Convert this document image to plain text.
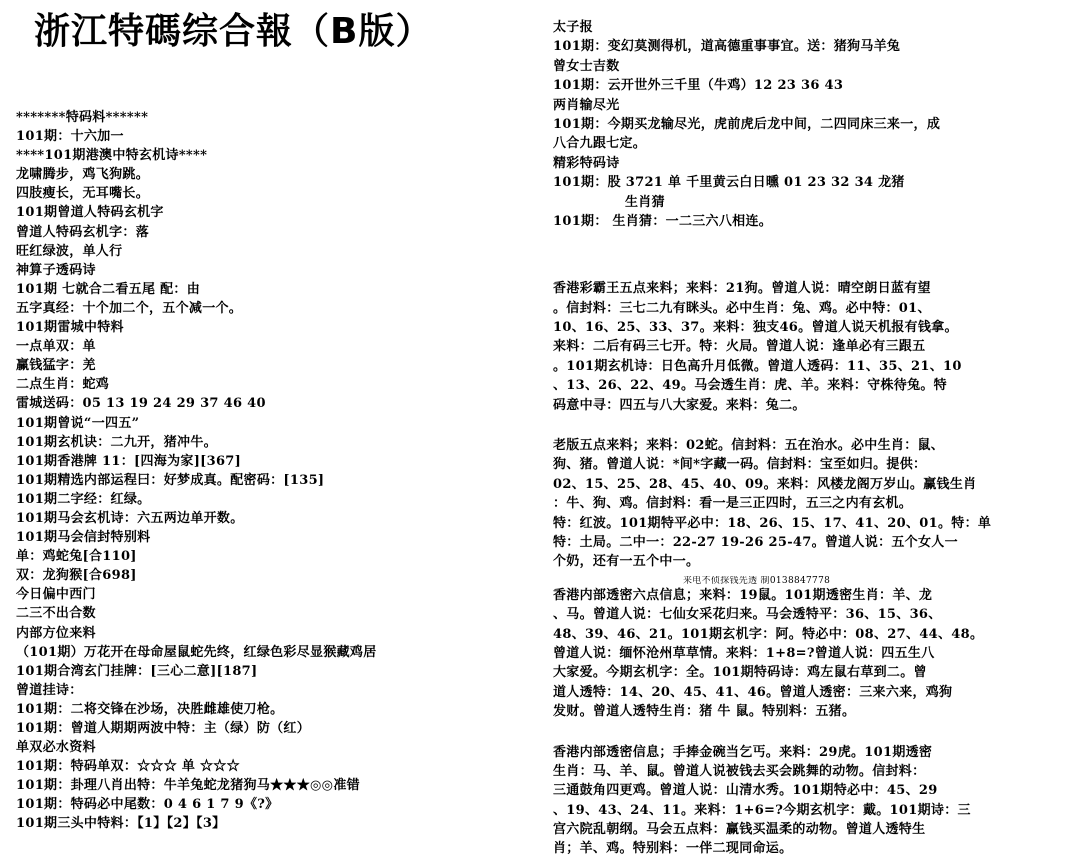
浙江特碼综合報（B版）
*******特码料******
101期：十六加一
****101期港澳中特玄机诗****
龙啸腾步，鸡飞狗跳。
四肢瘦长，无耳嘴长。
101期曾道人特码玄机字
曾道人特码玄机字：落
旺红绿波，单人行
神算子透码诗
101期 七就合二看五尾 配：由
五字真经：十个加二个，五个减一个。
101期雷城中特料
一点单双：单
赢钱猛字：羌
二点生肖：蛇鸡
雷城送码：05 13 19 24 29 37 46 40
101期曾说“一四五”
101期玄机诀：二九开，猪冲牛。
101期香港牌 11：[四海为家][367]
101期精选内部运程曰：好梦成真。配密码：[135]
101期二字经：红绿。
101期马会玄机诗：六五两边单开数。
101期马会信封特别料
单：鸡蛇兔[合110]
双：龙狗猴[合698]
今日偏中西门
二三不出合数
内部方位来料
（101期）万花开在母命屋鼠蛇先终，红绿色彩尽显猴藏鸡居
101期合湾玄门挂牌：[三心二意][187]
曾道挂诗：
101期：二将交锋在沙场，决胜雌雄使刀枪。
101期：曾道人期期两波中特：主（绿）防（红）
单双必水资料
101期：特码单双：☆☆☆ 单 ☆☆☆
101期：卦理八肖出特：牛羊兔蛇龙猪狗马★★★◎◎准错
101期：特码必中尾数：0 4 6 1 7 9《?》
101期三头中特料：【1】【2】【3】
太子报
101期：变幻莫测得机，道高德重事事宜。送：猪狗马羊兔
曾女士吉数
101期：云开世外三千里（牛鸡）12 23 36 43
两肖输尽光
101期：今期买龙输尽光，虎前虎后龙中间，二四同床三来一，成
八合九跟七定。
精彩特码诗
101期：股 3721 单 千里黄云白日曛 01 23 32 34 龙猪
生肖猜
101期： 生肖猜：一二三六八相连。
香港彩霸王五点来料；来料：21狗。曾道人说：晴空朗日蓝有望
。信封料：三七二九有眯头。必中生肖：兔、鸡。必中特：01、
10、16、25、33、37。来料：独支46。曾道人说天机报有钱拿。
来料：二后有码三七开。特：火局。曾道人说：逢单必有三跟五
。101期玄机诗：日色高升月低微。曾道人透码：11、35、21、10
、13、26、22、49。马会透生肖：虎、羊。来料：守株待兔。特
码意中寻：四五与八大家爱。来料：兔二。
老版五点来料；来料：02蛇。信封料：五在治水。必中生肖：鼠、
狗、猪。曾道人说：*间*字藏一码。信封料：宝至如归。提供：
02、15、25、28、45、40、09。来料：风楼龙阁万岁山。赢钱生肖
：牛、狗、鸡。信封料：看一是三正四时，五三之内有玄机。
特：红波。101期特平必中：18、26、15、17、41、20、01。特：单
特：土局。二中一：22-27 19-26 25-47。曾道人说：五个女人一
个奶，还有一五个中一。
来电不侦探钱先透 制0138847778
香港内部透密六点信息；来料：19鼠。101期透密生肖：羊、龙
、马。曾道人说：七仙女采花归来。马会透特平：36、15、36、
48、39、46、21。101期玄机字：阿。特必中：08、27、44、48。
曾道人说：缅怀沧州草草情。来料：1+8=?曾道人说：四五生八
大家爱。今期玄机字：全。101期特码诗：鸡左鼠右草到二。曾
道人透特：14、20、45、41、46。曾道人透密：三来六来，鸡狗
发财。曾道人透特生肖：猪 牛 鼠。特别料：五猪。
香港内部透密信息；手捧金碗当乞丐。来料：29虎。101期透密
生肖：马、羊、鼠。曾道人说被钱去买会跳舞的动物。信封料：
三通鼓角四更鸡。曾道人说：山清水秀。101期特必中：45、29
、19、43、24、11。来料：1+6=?今期玄机字：戴。101期诗：三
宫六院乱朝纲。马会五点料：赢钱买温柔的动物。曾道人透特生
肖；羊、鸡。特别料：一伴二现同命运。
